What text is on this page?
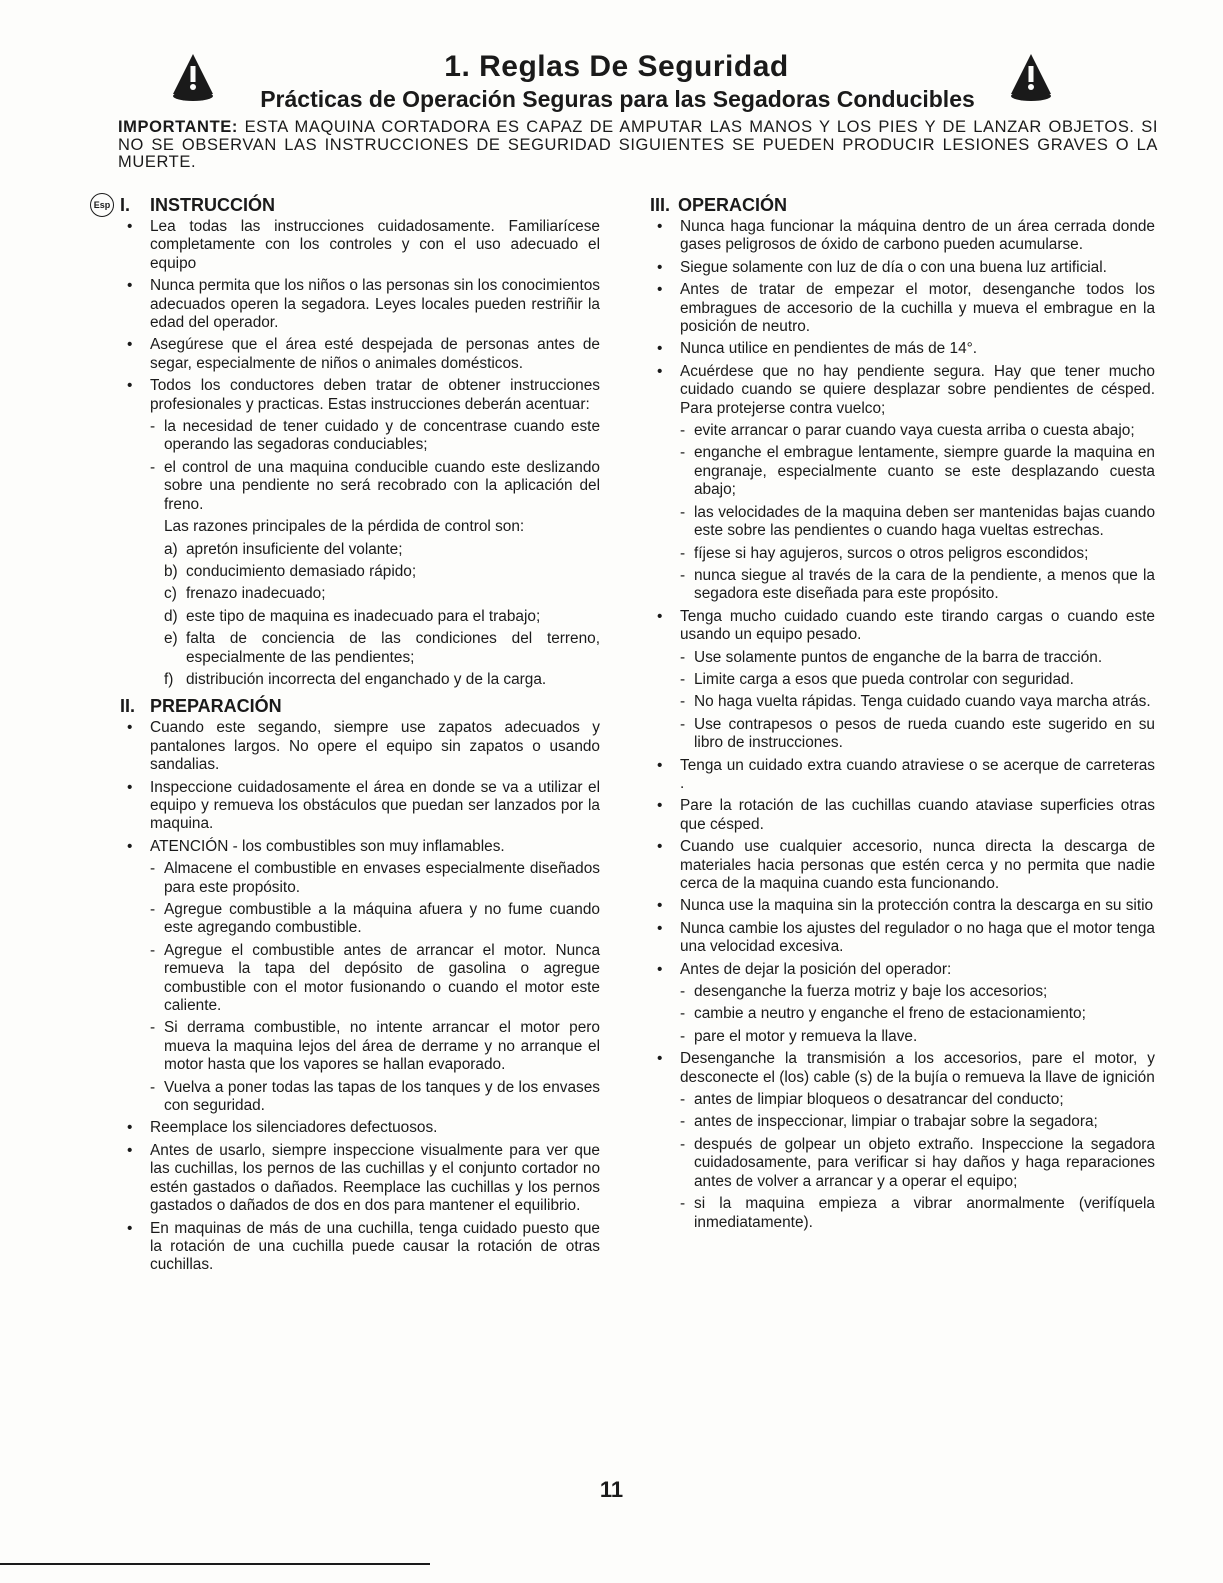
1. Reglas De Seguridad
Prácticas de Operación Seguras para las Segadoras Conducibles
IMPORTANTE: ESTA MAQUINA CORTADORA ES CAPAZ DE AMPUTAR LAS MANOS Y LOS PIES Y DE LANZAR OBJETOS. SI NO SE OBSERVAN LAS INSTRUCCIONES DE SEGURIDAD SIGUIENTES SE PUEDEN PRODUCIR LESIONES GRAVES O LA MUERTE.
Esp I. INSTRUCCIÓN
• Lea todas las instrucciones cuidadosamente. Familiarícese completamente con los controles y con el uso adecuado el equipo
• Nunca permita que los niños o las personas sin los conocimientos adecuados operen la segadora. Leyes locales pueden restriñir la edad del operador.
• Asegúrese que el área esté despejada de personas antes de segar, especialmente de niños o animales domésticos.
• Todos los conductores deben tratar de obtener instrucciones profesionales y practicas. Estas instrucciones deberán acentuar:
- la necesidad de tener cuidado y de concentrase cuando este operando las segadoras conduciables;
- el control de una maquina conducible cuando este deslizando sobre una pendiente no será recobrado con la aplicación del freno.
Las razones principales de la pérdida de control son:
a) apretón insuficiente del volante;
b) conducimiento demasiado rápido;
c) frenazo inadecuado;
d) este tipo de maquina es inadecuado para el trabajo;
e) falta de conciencia de las condiciones del terreno, especialmente de las pendientes;
f) distribución incorrecta del enganchado y de la carga.
II. PREPARACIÓN
• Cuando este segando, siempre use zapatos adecuados y pantalones largos. No opere el equipo sin zapatos o usando sandalias.
• Inspeccione cuidadosamente el área en donde se va a utilizar el equipo y remueva los obstáculos que puedan ser lanzados por la maquina.
• ATENCIÓN - los combustibles son muy inflamables.
- Almacene el combustible en envases especialmente diseñados para este propósito.
- Agregue combustible a la máquina afuera y no fume cuando este agregando combustible.
- Agregue el combustible antes de arrancar el motor. Nunca remueva la tapa del depósito de gasolina o agregue combustible con el motor fusionando o cuando el motor este caliente.
- Si derrama combustible, no intente arrancar el motor pero mueva la maquina lejos del área de derrame y no arranque el motor hasta que los vapores se hallan evaporado.
- Vuelva a poner todas las tapas de los tanques y de los envases con seguridad.
• Reemplace los silenciadores defectuosos.
• Antes de usarlo, siempre inspeccione visualmente para ver que las cuchillas, los pernos de las cuchillas y el conjunto cortador no estén gastados o dañados. Reemplace las cuchillas y los pernos gastados o dañados de dos en dos para mantener el equilibrio.
• En maquinas de más de una cuchilla, tenga cuidado puesto que la rotación de una cuchilla puede causar la rotación de otras cuchillas.
III. OPERACIÓN
• Nunca haga funcionar la máquina dentro de un área cerrada donde gases peligrosos de óxido de carbono pueden acumularse.
• Siegue solamente con luz de día o con una buena luz artificial.
• Antes de tratar de empezar el motor, desenganche todos los embragues de accesorio de la cuchilla y mueva el embrague en la posición de neutro.
• Nunca utilice en pendientes de más de 14°.
• Acuérdese que no hay pendiente segura. Hay que tener mucho cuidado cuando se quiere desplazar sobre pendientes de césped. Para protejerse contra vuelco;
- evite arrancar o parar cuando vaya cuesta arriba o cuesta abajo;
- enganche el embrague lentamente, siempre guarde la maquina en engranaje, especialmente cuanto se este desplazando cuesta abajo;
- las velocidades de la maquina deben ser mantenidas bajas cuando este sobre las pendientes o cuando haga vueltas estrechas.
- fíjese si hay agujeros, surcos o otros peligros escondidos;
- nunca siegue al través de la cara de la pendiente, a menos que la segadora este diseñada para este propósito.
• Tenga mucho cuidado cuando este tirando cargas o cuando este usando un equipo pesado.
- Use solamente puntos de enganche de la barra de tracción.
- Limite carga a esos que pueda controlar con seguridad.
- No haga vuelta rápidas. Tenga cuidado cuando vaya marcha atrás.
- Use contrapesos o pesos de rueda cuando este sugerido en su libro de instrucciones.
• Tenga un cuidado extra cuando atraviese o se acerque de carreteras .
• Pare la rotación de las cuchillas cuando ataviase superficies otras que césped.
• Cuando use cualquier accesorio, nunca directa la descarga de materiales hacia personas que estén cerca y no permita que nadie cerca de la maquina cuando esta funcionando.
• Nunca use la maquina sin la protección contra la descarga en su sitio
• Nunca cambie los ajustes del regulador o no haga que el motor tenga una velocidad excesiva.
• Antes de dejar la posición del operador:
- desenganche la fuerza motriz y baje los accesorios;
- cambie a neutro y enganche el freno de estacionamiento;
- pare el motor y remueva la llave.
• Desenganche la transmisión a los accesorios, pare el motor, y desconecte el (los) cable (s) de la bujía o remueva la llave de ignición
- antes de limpiar bloqueos o desatrancar del conducto;
- antes de inspeccionar, limpiar o trabajar sobre la segadora;
- después de golpear un objeto extraño. Inspeccione la segadora cuidadosamente, para verificar si hay daños y haga reparaciones antes de volver a arrancar y a operar el equipo;
- si la maquina empieza a vibrar anormalmente (verifíquela inmediatamente).
11
